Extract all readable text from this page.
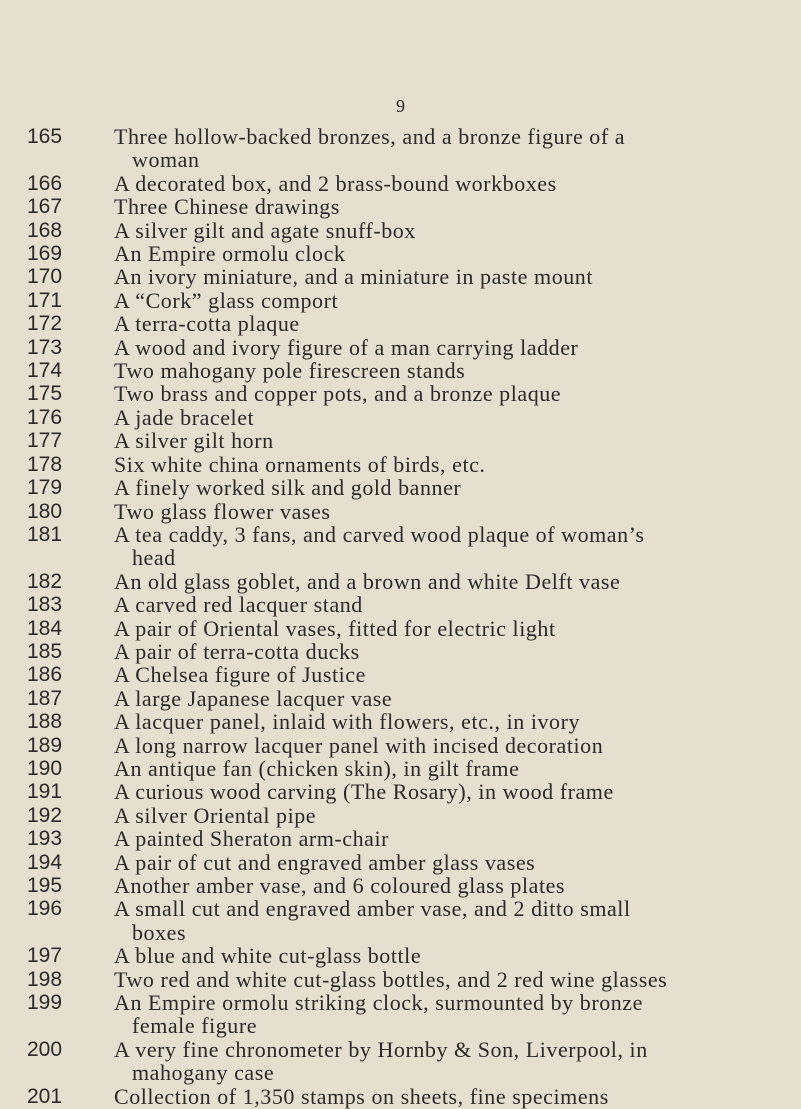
9
165	Three hollow-backed bronzes, and a bronze figure of a
woman
166	A decorated box, and 2 brass-bound workboxes
167	Three Chinese drawings
168	A silver gilt and agate snuff-box
169	An Empire ormolu clock
170	An ivory miniature, and a miniature in paste mount
171	A “Cork” glass comport
172	A terra-cotta plaque
173	A wood and ivory figure of a man carrying ladder
174	Two mahogany pole firescreen stands
175	Two brass and copper pots, and a bronze plaque
176	A jade bracelet
177	A silver gilt horn
178	Six white china ornaments of birds, etc.
179	A finely worked silk and gold banner
180	Two glass flower vases
181	A tea caddy, 3 fans, and carved wood plaque of woman’s
head
182	An old glass goblet, and a brown and white Delft vase
183	A carved red lacquer stand
184	A pair of Oriental vases, fitted for electric light
185	A pair of terra-cotta ducks
186	A Chelsea figure of Justice
187	A large Japanese lacquer vase
188	A lacquer panel, inlaid with flowers, etc., in ivory
189	A long narrow lacquer panel with incised decoration
190	An antique fan (chicken skin), in gilt frame
191	A curious wood carving (The Rosary), in wood frame
192	A silver Oriental pipe
193	A painted Sheraton arm-chair
194	A pair of cut and engraved amber glass vases
195	Another amber vase, and 6 coloured glass plates
196	A small cut and engraved amber vase, and 2 ditto small
boxes
197	A blue and white cut-glass bottle
198	Two red and white cut-glass bottles, and 2 red wine glasses
199	An Empire ormolu striking clock, surmounted by bronze
female figure
200	A very fine chronometer by Hornby & Son, Liverpool, in
mahogany case
201	Collection of 1,350 stamps on sheets, fine specimens
